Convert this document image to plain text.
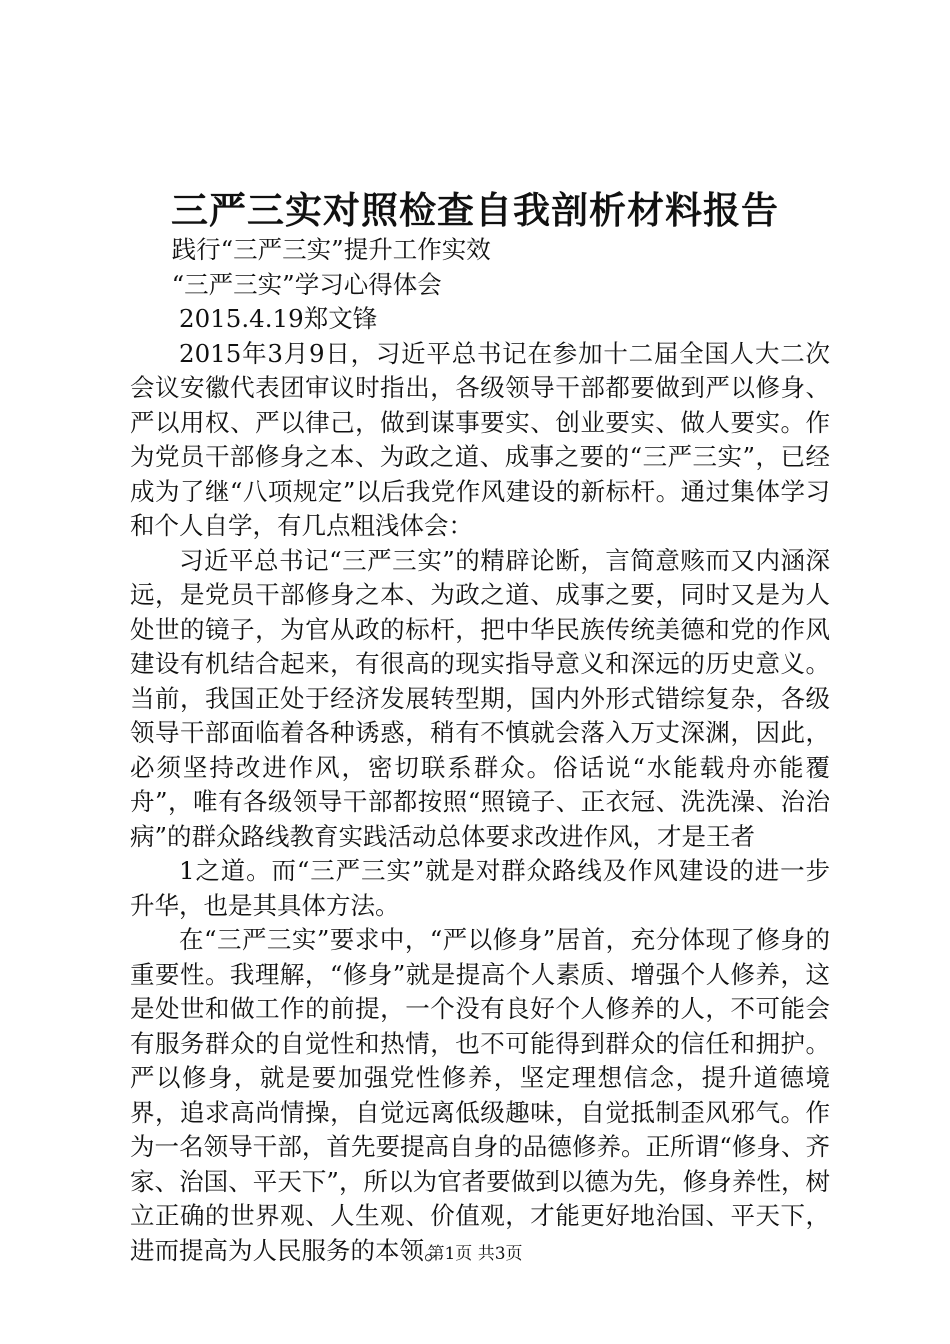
三严三实对照检查自我剖析材料报告

践行“三严三实”提升工作实效

“三严三实”学习心得体会

2015.4.19郑文锋

2015年3月9日，习近平总书记在参加十二届全国人大二次会议安徽代表团审议时指出，各级领导干部都要做到严以修身、严以用权、严以律己，做到谋事要实、创业要实、做人要实。作为党员干部修身之本、为政之道、成事之要的“三严三实”，已经成为了继“八项规定”以后我党作风建设的新标杆。通过集体学习和个人自学，有几点粗浅体会：

习近平总书记“三严三实”的精辟论断，言简意赅而又内涵深远，是党员干部修身之本、为政之道、成事之要，同时又是为人处世的镜子，为官从政的标杆，把中华民族传统美德和党的作风建设有机结合起来，有很高的现实指导意义和深远的历史意义。当前，我国正处于经济发展转型期，国内外形式错综复杂，各级领导干部面临着各种诱惑，稍有不慎就会落入万丈深渊，因此，必须坚持改进作风，密切联系群众。俗话说“水能载舟亦能覆舟”，唯有各级领导干部都按照“照镜子、正衣冠、洗洗澡、治治病”的群众路线教育实践活动总体要求改进作风，才是王者

1之道。而“三严三实”就是对群众路线及作风建设的进一步升华，也是其具体方法。

在“三严三实”要求中，“严以修身”居首，充分体现了修身的重要性。我理解，“修身”就是提高个人素质、增强个人修养，这是处世和做工作的前提，一个没有良好个人修养的人，不可能会有服务群众的自觉性和热情，也不可能得到群众的信任和拥护。严以修身，就是要加强党性修养，坚定理想信念，提升道德境界，追求高尚情操，自觉远离低级趣味，自觉抵制歪风邪气。作为一名领导干部，首先要提高自身的品德修养。正所谓“修身、齐家、治国、平天下”，所以为官者要做到以德为先，修身养性，树立正确的世界观、人生观、价值观，才能更好地治国、平天下，进而提高为人民服务的本领。

第1页 共3页
